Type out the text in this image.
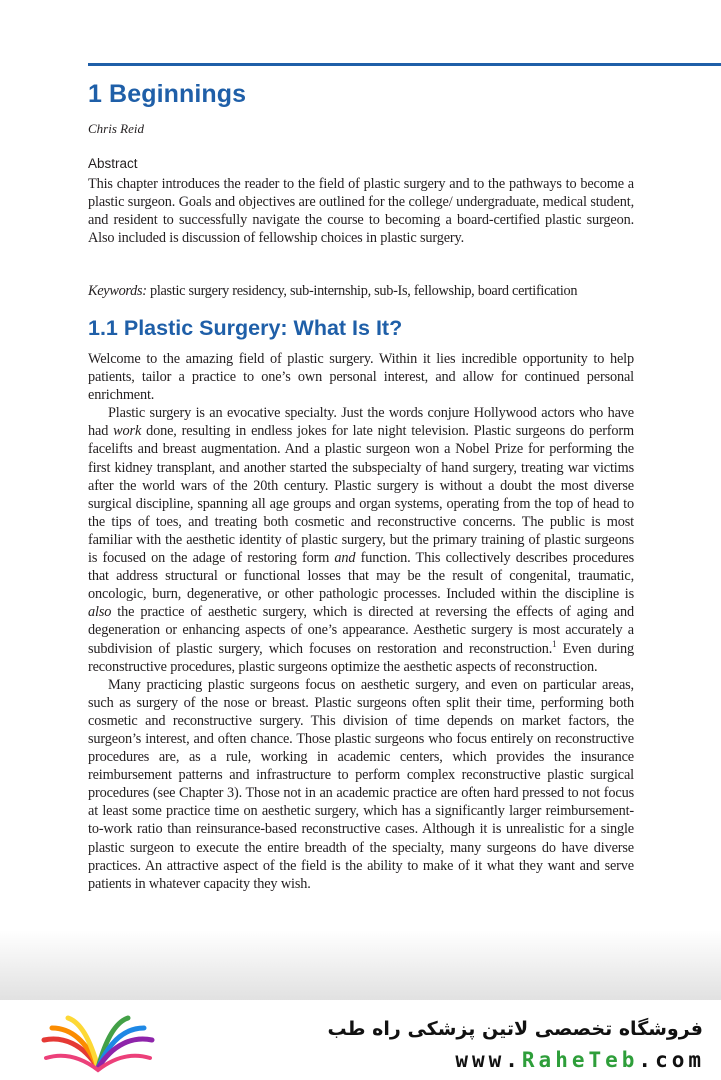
1 Beginnings
Chris Reid
Abstract

This chapter introduces the reader to the field of plastic surgery and to the pathways to become a plastic surgeon. Goals and objectives are outlined for the college/ undergraduate, medical student, and resident to successfully navigate the course to becoming a board-certified plastic surgeon. Also included is discussion of fellowship choices in plastic surgery.

Keywords: plastic surgery residency, sub-internship, sub-Is, fellowship, board certification

1.1 Plastic Surgery: What Is It?

Welcome to the amazing field of plastic surgery. Within it lies incredible opportunity to help patients, tailor a practice to one’s own personal interest, and allow for continued personal enrichment.

Plastic surgery is an evocative specialty. Just the words conjure Hollywood actors who have had work done, resulting in endless jokes for late night television. Plastic surgeons do perform facelifts and breast augmentation. And a plastic surgeon won a Nobel Prize for performing the first kidney transplant, and another started the subspecialty of hand surgery, treating war victims after the world wars of the 20th century. Plastic surgery is without a doubt the most diverse surgical discipline, spanning all age groups and organ systems, operating from the top of head to the tips of toes, and treating both cosmetic and reconstructive concerns. The public is most familiar with the aesthetic identity of plastic surgery, but the primary training of plastic surgeons is focused on the adage of restoring form and function. This collectively describes procedures that address structural or functional losses that may be the result of congenital, traumatic, oncologic, burn, degenerative, or other pathologic processes. Included within the discipline is also the practice of aesthetic surgery, which is directed at reversing the effects of aging and degeneration or enhancing aspects of one’s appearance. Aesthetic surgery is most accurately a subdivision of plastic surgery, which focuses on restoration and reconstruction.$^1$ Even during reconstructive procedures, plastic surgeons optimize the aesthetic aspects of reconstruction.

Many practicing plastic surgeons focus on aesthetic surgery, and even on particular areas, such as surgery of the nose or breast. Plastic surgeons often split their time, performing both cosmetic and reconstructive surgery. This division of time depends on market factors, the surgeon’s interest, and often chance. Those plastic surgeons who focus entirely on reconstructive procedures are, as a rule, working in academic centers, which provides the insurance reimbursement patterns and infrastructure to perform complex reconstructive plastic surgical procedures (see Chapter 3). Those not in an academic practice are often hard pressed to not focus at least some practice time on aesthetic surgery, which has a significantly larger reimbursement-to-work ratio than reinsurance-based reconstructive cases. Although it is unrealistic for a single plastic surgeon to execute the entire breadth of the specialty, many surgeons do have diverse practices. An attractive aspect of the field is the ability to make of it what they want and serve patients in whatever capacity they wish.

فروشگاه تخصصی لاتین پزشکی راه طب
www.RaheTeb.com
